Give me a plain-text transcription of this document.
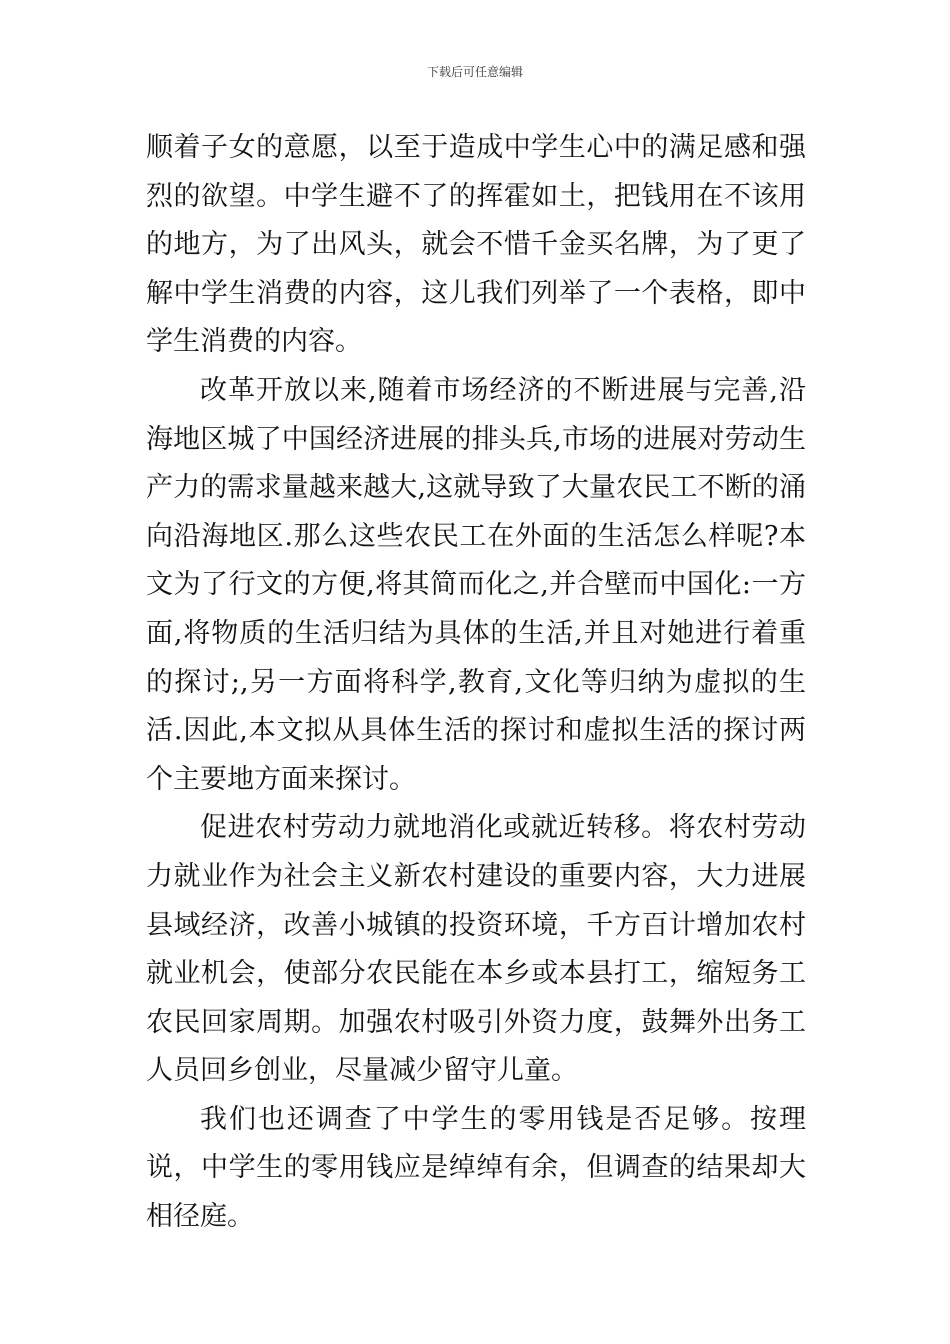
下载后可任意编辑

顺着子女的意愿，以至于造成中学生心中的满足感和强烈的欲望。中学生避不了的挥霍如土，把钱用在不该用的地方，为了出风头，就会不惜千金买名牌，为了更了解中学生消费的内容，这儿我们列举了一个表格，即中学生消费的内容。

改革开放以来,随着市场经济的不断进展与完善,沿海地区城了中国经济进展的排头兵,市场的进展对劳动生产力的需求量越来越大,这就导致了大量农民工不断的涌向沿海地区.那么这些农民工在外面的生活怎么样呢?本文为了行文的方便,将其简而化之,并合壁而中国化:一方面,将物质的生活归结为具体的生活,并且对她进行着重的探讨;,另一方面将科学,教育,文化等归纳为虚拟的生活.因此,本文拟从具体生活的探讨和虚拟生活的探讨两个主要地方面来探讨。

促进农村劳动力就地消化或就近转移。将农村劳动力就业作为社会主义新农村建设的重要内容，大力进展县域经济，改善小城镇的投资环境，千方百计增加农村就业机会，使部分农民能在本乡或本县打工，缩短务工农民回家周期。加强农村吸引外资力度，鼓舞外出务工人员回乡创业，尽量减少留守儿童。

我们也还调查了中学生的零用钱是否足够。按理说，中学生的零用钱应是绰绰有余，但调查的结果却大相径庭。
